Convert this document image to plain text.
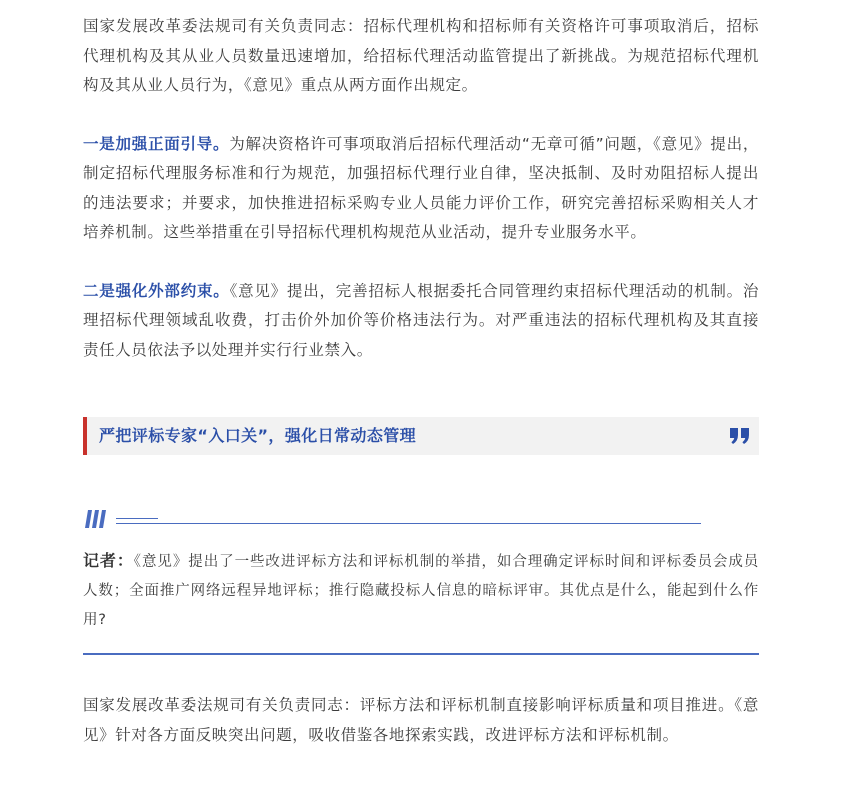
国家发展改革委法规司有关负责同志：招标代理机构和招标师有关资格许可事项取消后，招标代理机构及其从业人员数量迅速增加，给招标代理活动监管提出了新挑战。为规范招标代理机构及其从业人员行为，《意见》重点从两方面作出规定。

一是加强正面引导。为解决资格许可事项取消后招标代理活动“无章可循”问题，《意见》提出，制定招标代理服务标准和行为规范，加强招标代理行业自律，坚决抵制、及时劝阻招标人提出的违法要求；并要求，加快推进招标采购专业人员能力评价工作，研究完善招标采购相关人才培养机制。这些举措重在引导招标代理机构规范从业活动，提升专业服务水平。

二是强化外部约束。《意见》提出，完善招标人根据委托合同管理约束招标代理活动的机制。治理招标代理领域乱收费，打击价外加价等价格违法行为。对严重违法的招标代理机构及其直接责任人员依法予以处理并实行行业禁入。

严把评标专家“入口关”，强化日常动态管理

记者：《意见》提出了一些改进评标方法和评标机制的举措，如合理确定评标时间和评标委员会成员人数；全面推广网络远程异地评标；推行隐藏投标人信息的暗标评审。其优点是什么，能起到什么作用?

国家发展改革委法规司有关负责同志：评标方法和评标机制直接影响评标质量和项目推进。《意见》针对各方面反映突出问题，吸收借鉴各地探索实践，改进评标方法和评标机制。
